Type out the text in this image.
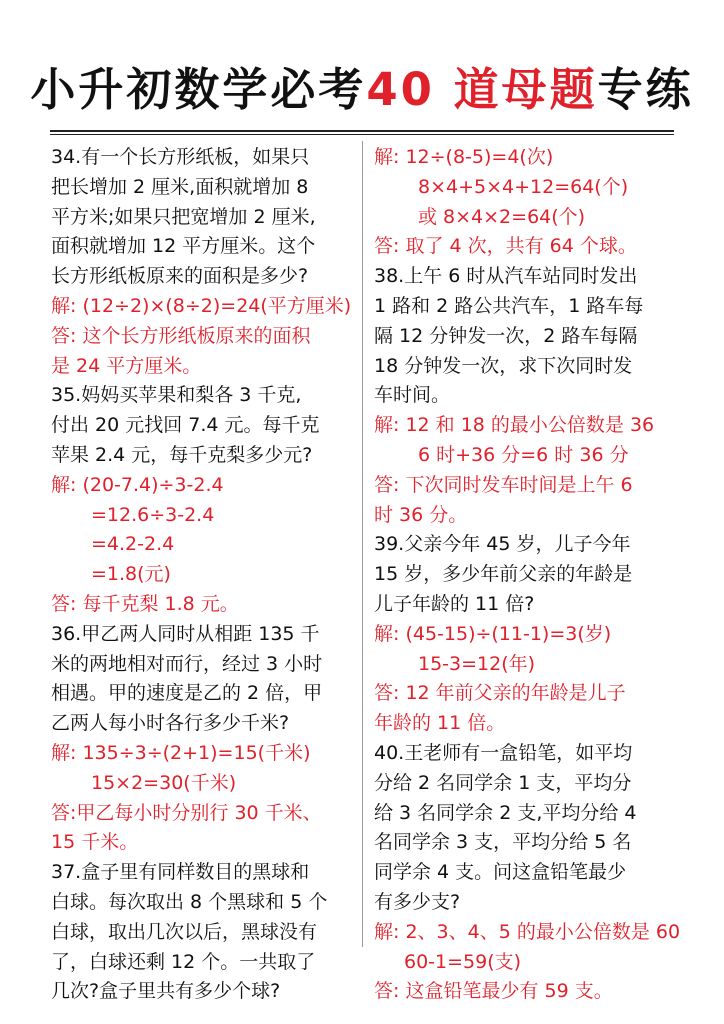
小升初数学必考40 道母题专练
34.有一个长方形纸板，如果只
把长增加 2 厘米,面积就增加 8
平方米;如果只把宽增加 2 厘米,
面积就增加 12 平方厘米。这个
长方形纸板原来的面积是多少?
解: (12÷2)×(8÷2)=24(平方厘米)
答: 这个长方形纸板原来的面积
是 24 平方厘米。
35.妈妈买苹果和梨各 3 千克,
付出 20 元找回 7.4 元。每千克
苹果 2.4 元，每千克梨多少元?
解: (20-7.4)÷3-2.4
=12.6÷3-2.4
=4.2-2.4
=1.8(元)
答: 每千克梨 1.8 元。
36.甲乙两人同时从相距 135 千
米的两地相对而行，经过 3 小时
相遇。甲的速度是乙的 2 倍，甲
乙两人每小时各行多少千米?
解: 135÷3÷(2+1)=15(千米)
15×2=30(千米)
答:甲乙每小时分别行 30 千米、
15 千米。
37.盒子里有同样数目的黑球和
白球。每次取出 8 个黑球和 5 个
白球，取出几次以后，黑球没有
了，白球还剩 12 个。一共取了
几次?盒子里共有多少个球?
解: 12÷(8-5)=4(次)
8×4+5×4+12=64(个)
或 8×4×2=64(个)
答: 取了 4 次，共有 64 个球。
38.上午 6 时从汽车站同时发出
1 路和 2 路公共汽车，1 路车每
隔 12 分钟发一次，2 路车每隔
18 分钟发一次，求下次同时发
车时间。
解: 12 和 18 的最小公倍数是 36
6 时+36 分=6 时 36 分
答: 下次同时发车时间是上午 6
时 36 分。
39.父亲今年 45 岁，儿子今年
15 岁，多少年前父亲的年龄是
儿子年龄的 11 倍?
解: (45-15)÷(11-1)=3(岁)
15-3=12(年)
答: 12 年前父亲的年龄是儿子
年龄的 11 倍。
40.王老师有一盒铅笔，如平均
分给 2 名同学余 1 支，平均分
给 3 名同学余 2 支,平均分给 4
名同学余 3 支，平均分给 5 名
同学余 4 支。问这盒铅笔最少
有多少支?
解: 2、3、4、5 的最小公倍数是 60
60-1=59(支)
答: 这盒铅笔最少有 59 支。
